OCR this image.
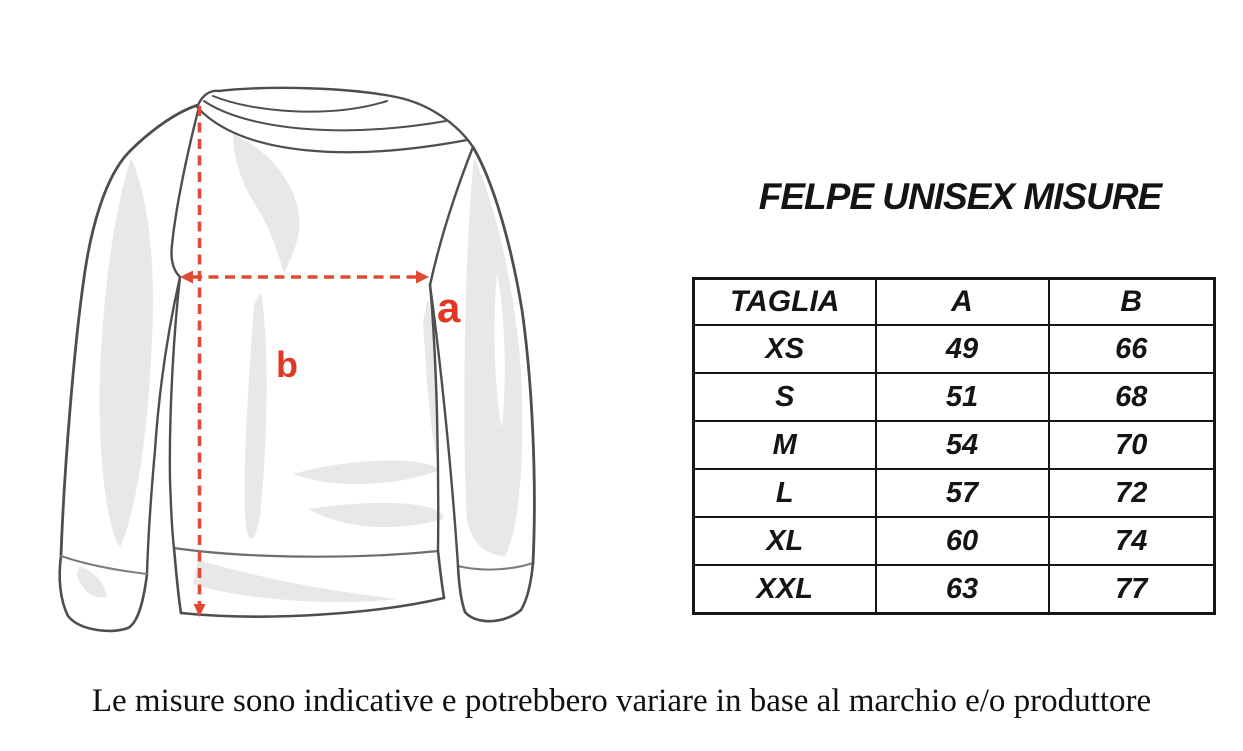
a
b
FELPE UNISEX MISURE
TAGLIA	A	B
XS	49	66
S	51	68
M	54	70
L	57	72
XL	60	74
XXL	63	77

Le misure sono indicative e potrebbero variare in base al marchio e/o produttore
